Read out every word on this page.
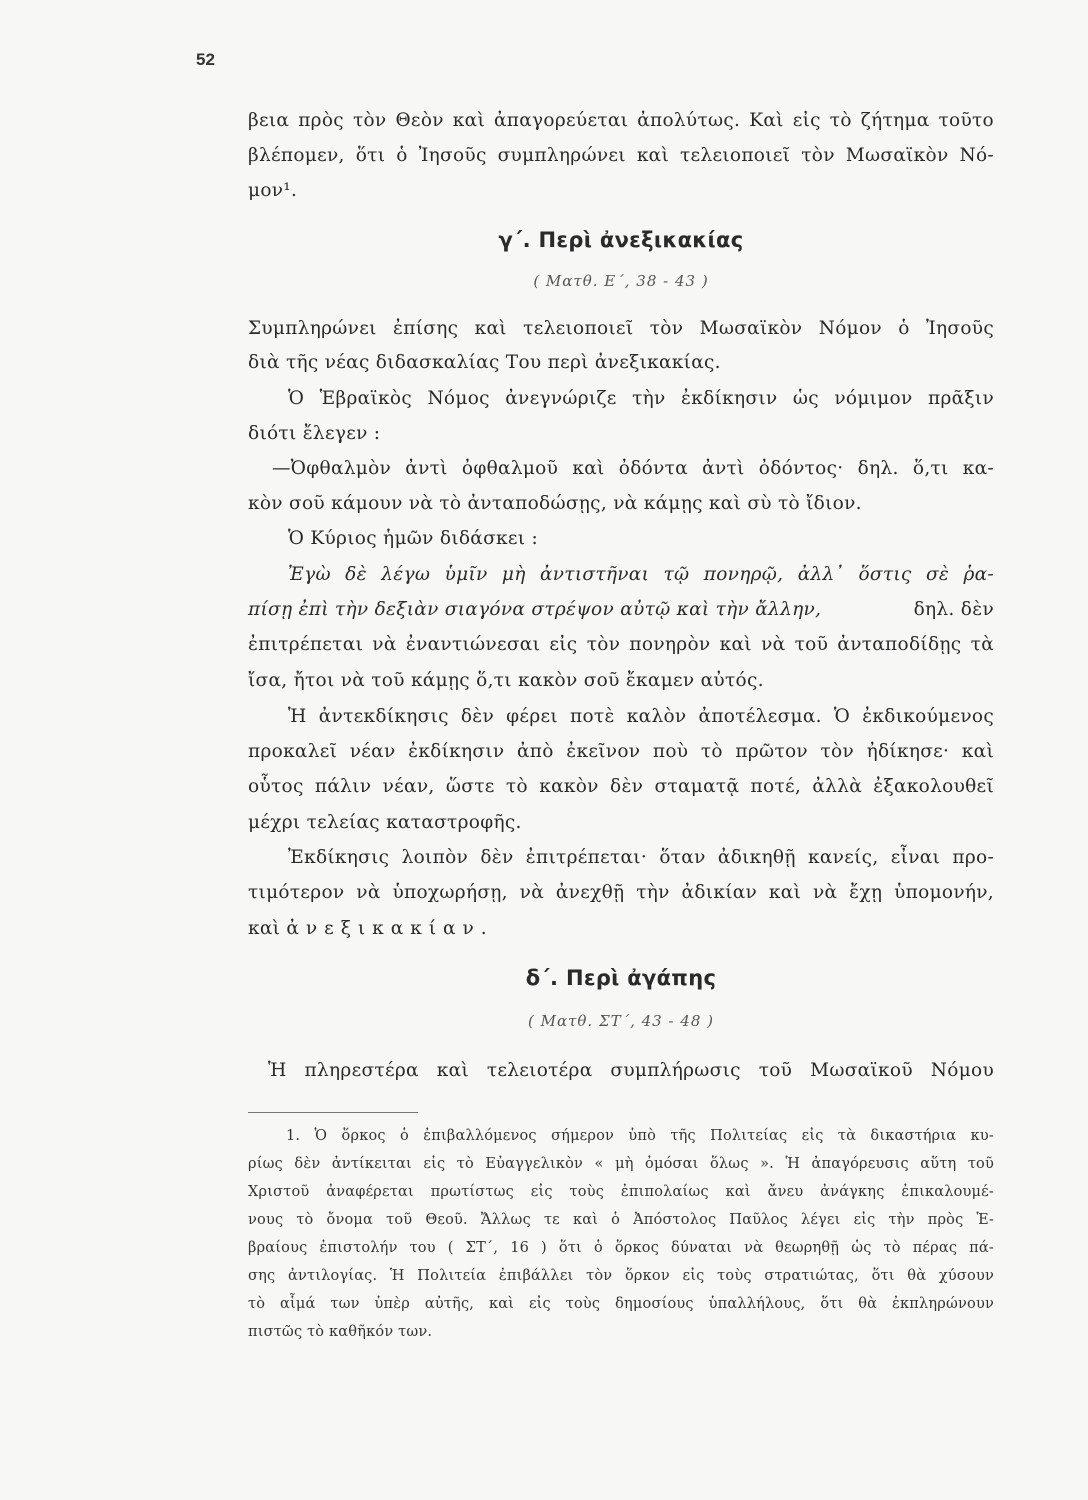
52
βεια πρὸς τὸν Θεὸν καὶ ἀπαγορεύεται ἀπολύτως. Καὶ εἰς τὸ ζήτημα τοῦτο
βλέπομεν, ὅτι ὁ Ἰησοῦς συμπληρώνει καὶ τελειοποιεῖ τὸν Μωσαϊκὸν Νό-
μον¹.
γ΄. Περὶ ἀνεξικακίας
( Ματθ. Ε΄, 38 - 43 )
Συμπληρώνει ἐπίσης καὶ τελειοποιεῖ τὸν Μωσαϊκὸν Νόμον ὁ Ἰησοῦς
διὰ τῆς νέας διδασκαλίας Του περὶ ἀνεξικακίας.
Ὁ Ἑβραϊκὸς Νόμος ἀνεγνώριζε τὴν ἐκδίκησιν ὡς νόμιμον πρᾶξιν
διότι ἔλεγεν :
—Ὀφθαλμὸν ἀντὶ ὀφθαλμοῦ καὶ ὀδόντα ἀντὶ ὀδόντος· δηλ. ὅ,τι κα-
κὸν σοῦ κάμουν νὰ τὸ ἀνταποδώσῃς, νὰ κάμῃς καὶ σὺ τὸ ἴδιον.
Ὁ Κύριος ἡμῶν διδάσκει :
Ἐγὼ δὲ λέγω ὑμῖν μὴ ἀντιστῆναι τῷ πονηρῷ, ἀλλ᾽ ὅστις σὲ ῥα-
πίσῃ ἐπὶ τὴν δεξιὰν σιαγόνα στρέψον αὐτῷ καὶ τὴν ἄλλην,	δηλ. δὲν
ἐπιτρέπεται νὰ ἐναντιώνεσαι εἰς τὸν πονηρὸν καὶ νὰ τοῦ ἀνταποδίδῃς τὰ
ἴσα, ἤτοι νὰ τοῦ κάμῃς ὅ,τι κακὸν σοῦ ἔκαμεν αὐτός.
Ἡ ἀντεκδίκησις δὲν φέρει ποτὲ καλὸν ἀποτέλεσμα. Ὁ ἐκδικούμενος
προκαλεῖ νέαν ἐκδίκησιν ἀπὸ ἐκεῖνον ποὺ τὸ πρῶτον τὸν ἠδίκησε· καὶ
οὗτος πάλιν νέαν, ὥστε τὸ κακὸν δὲν σταματᾷ ποτέ, ἀλλὰ ἐξακολουθεῖ
μέχρι τελείας καταστροφῆς.
Ἐκδίκησις λοιπὸν δὲν ἐπιτρέπεται· ὅταν ἀδικηθῇ κανείς, εἶναι προ-
τιμότερον νὰ ὑποχωρήσῃ, νὰ ἀνεχθῇ τὴν ἀδικίαν καὶ νὰ ἔχῃ ὑπομονήν,
καὶ ἀνεξικακίαν.
δ΄. Περὶ ἀγάπης
( Ματθ. ΣΤ΄, 43 - 48 )
Ἡ πληρεστέρα καὶ τελειοτέρα συμπλήρωσις τοῦ Μωσαϊκοῦ Νόμου
1. Ὁ ὅρκος ὁ ἐπιβαλλόμενος σήμερον ὑπὸ τῆς Πολιτείας εἰς τὰ δικαστήρια κυ-
ρίως δὲν ἀντίκειται εἰς τὸ Εὐαγγελικὸν « μὴ ὀμόσαι ὅλως ». Ἡ ἀπαγόρευσις αὕτη τοῦ
Χριστοῦ ἀναφέρεται πρωτίστως εἰς τοὺς ἐπιπολαίως καὶ ἄνευ ἀνάγκης ἐπικαλουμέ-
νους τὸ ὄνομα τοῦ Θεοῦ. Ἄλλως τε καὶ ὁ Ἀπόστολος Παῦλος λέγει εἰς τὴν πρὸς Ἑ-
βραίους ἐπιστολήν του ( ΣΤ΄, 16 ) ὅτι ὁ ὅρκος δύναται νὰ θεωρηθῇ ὡς τὸ πέρας πά-
σης ἀντιλογίας. Ἡ Πολιτεία ἐπιβάλλει τὸν ὅρκον εἰς τοὺς στρατιώτας, ὅτι θὰ χύσουν
τὸ αἷμά των ὑπὲρ αὐτῆς, καὶ εἰς τοὺς δημοσίους ὑπαλλήλους, ὅτι θὰ ἐκπληρώνουν
πιστῶς τὸ καθῆκόν των.
